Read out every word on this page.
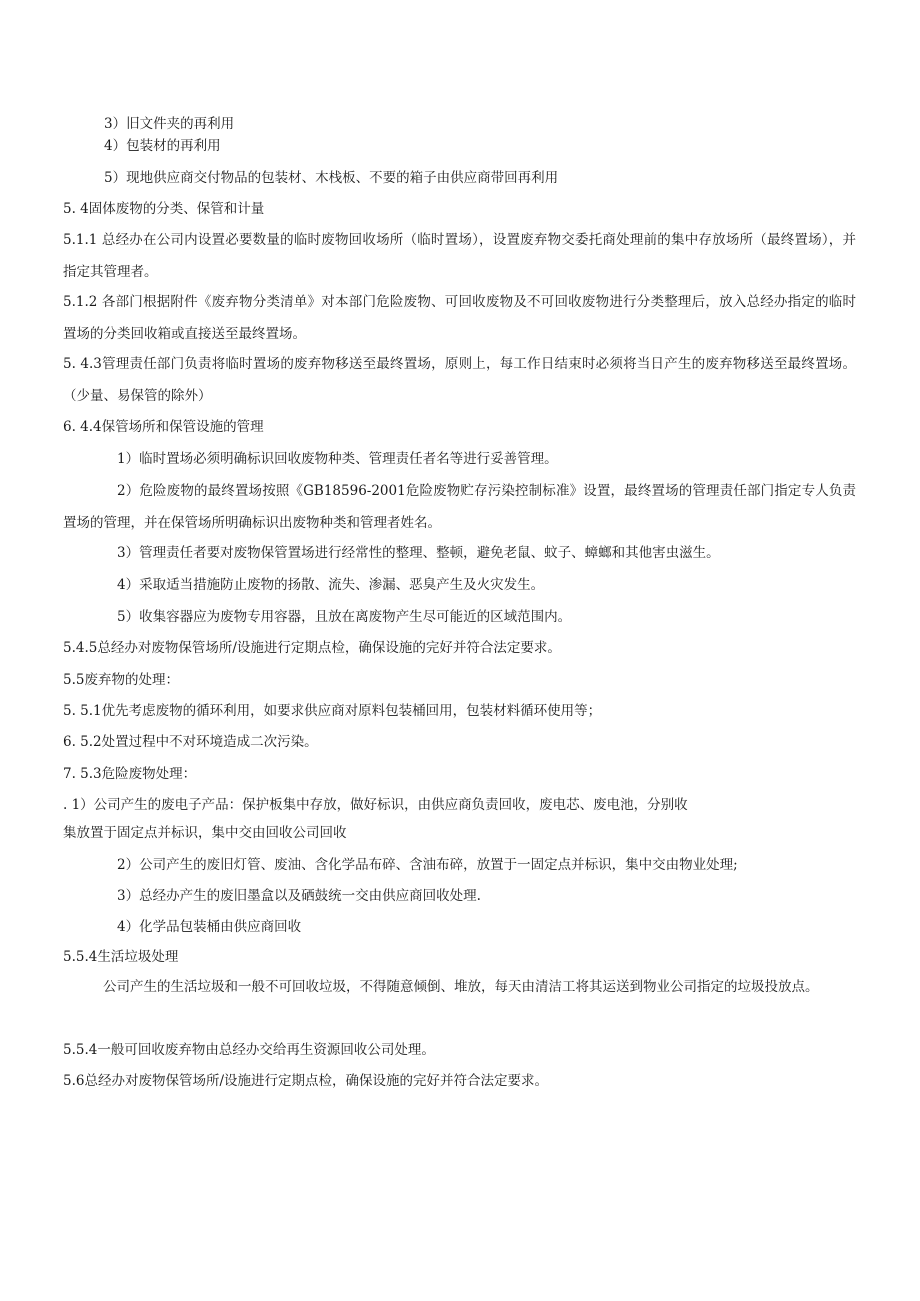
3）旧文件夹的再利用
4）包装材的再利用
5）现地供应商交付物品的包装材、木栈板、不要的箱子由供应商带回再利用
5. 4固体废物的分类、保管和计量
5.1.1 总经办在公司内设置必要数量的临时废物回收场所（临时置场），设置废弃物交委托商处理前的集中存放场所（最终置场），并指定其管理者。
5.1.2 各部门根据附件《废弃物分类清单》对本部门危险废物、可回收废物及不可回收废物进行分类整理后，放入总经办指定的临时置场的分类回收箱或直接送至最终置场。
5. 4.3管理责任部门负责将临时置场的废弃物移送至最终置场，原则上，每工作日结束时必须将当日产生的废弃物移送至最终置场。（少量、易保管的除外）
6. 4.4保管场所和保管设施的管理
1）临时置场必须明确标识回收废物种类、管理责任者名等进行妥善管理。
2）危险废物的最终置场按照《GB18596-2001危险废物贮存污染控制标准》设置，最终置场的管理责任部门指定专人负责置场的管理，并在保管场所明确标识出废物种类和管理者姓名。
3）管理责任者要对废物保管置场进行经常性的整理、整顿，避免老鼠、蚊子、蟑螂和其他害虫滋生。
4）采取适当措施防止废物的扬散、流失、渗漏、恶臭产生及火灾发生。
5）收集容器应为废物专用容器，且放在离废物产生尽可能近的区域范围内。
5.4.5总经办对废物保管场所/设施进行定期点检，确保设施的完好并符合法定要求。
5.5废弃物的处理：
5. 5.1优先考虑废物的循环利用，如要求供应商对原料包装桶回用，包装材料循环使用等；
6. 5.2处置过程中不对环境造成二次污染。
7. 5.3危险废物处理：
. 1）公司产生的废电子产品：保护板集中存放，做好标识，由供应商负责回收，废电芯、废电池，分别收
集放置于固定点并标识，集中交由回收公司回收
2）公司产生的废旧灯管、废油、含化学品布碎、含油布碎，放置于一固定点并标识，集中交由物业处理;
3）总经办产生的废旧墨盒以及硒鼓统一交由供应商回收处理.
4）化学品包装桶由供应商回收
5.5.4生活垃圾处理
公司产生的生活垃圾和一般不可回收垃圾，不得随意倾倒、堆放，每天由清洁工将其运送到物业公司指定的垃圾投放点。
5.5.4一般可回收废弃物由总经办交给再生资源回收公司处理。
5.6总经办对废物保管场所/设施进行定期点检，确保设施的完好并符合法定要求。
